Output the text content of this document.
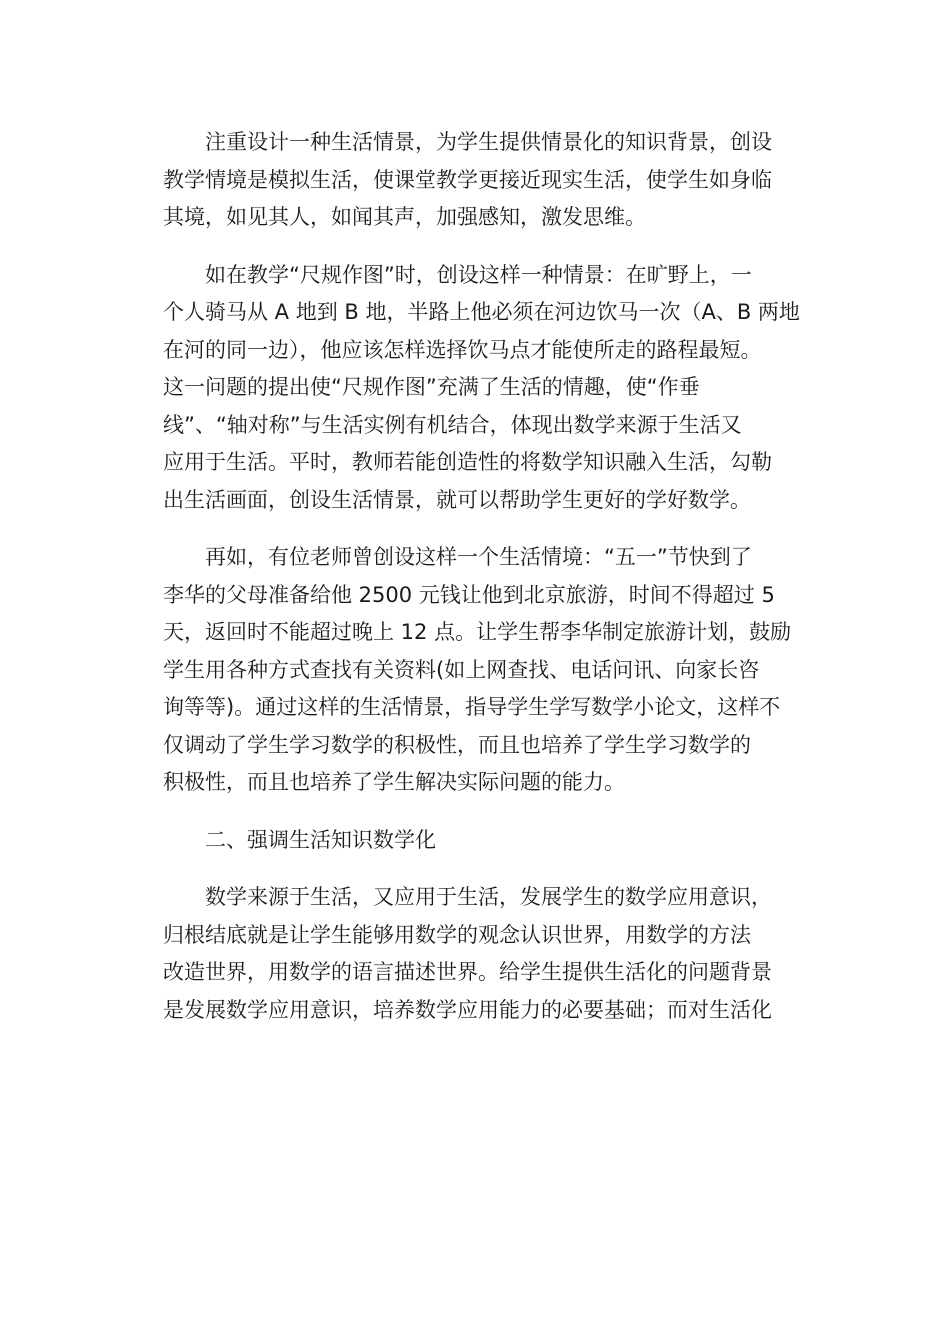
注重设计一种生活情景，为学生提供情景化的知识背景，创设
教学情境是模拟生活，使课堂教学更接近现实生活，使学生如身临
其境，如见其人，如闻其声，加强感知，激发思维。
如在教学“尺规作图”时，创设这样一种情景：在旷野上，一
个人骑马从 A 地到 B 地，半路上他必须在河边饮马一次（A、B 两地
在河的同一边），他应该怎样选择饮马点才能使所走的路程最短。
这一问题的提出使“尺规作图”充满了生活的情趣，使“作垂
线”、“轴对称”与生活实例有机结合，体现出数学来源于生活又
应用于生活。平时，教师若能创造性的将数学知识融入生活，勾勒
出生活画面，创设生活情景，就可以帮助学生更好的学好数学。
再如，有位老师曾创设这样一个生活情境：“五一”节快到了
李华的父母准备给他 2500 元钱让他到北京旅游，时间不得超过 5
天，返回时不能超过晚上 12 点。让学生帮李华制定旅游计划，鼓励
学生用各种方式查找有关资料(如上网查找、电话问讯、向家长咨
询等等)。通过这样的生活情景，指导学生学写数学小论文，这样不
仅调动了学生学习数学的积极性，而且也培养了学生学习数学的
积极性，而且也培养了学生解决实际问题的能力。
二、强调生活知识数学化
数学来源于生活，又应用于生活，发展学生的数学应用意识，
归根结底就是让学生能够用数学的观念认识世界，用数学的方法
改造世界，用数学的语言描述世界。给学生提供生活化的问题背景
是发展数学应用意识，培养数学应用能力的必要基础；而对生活化
